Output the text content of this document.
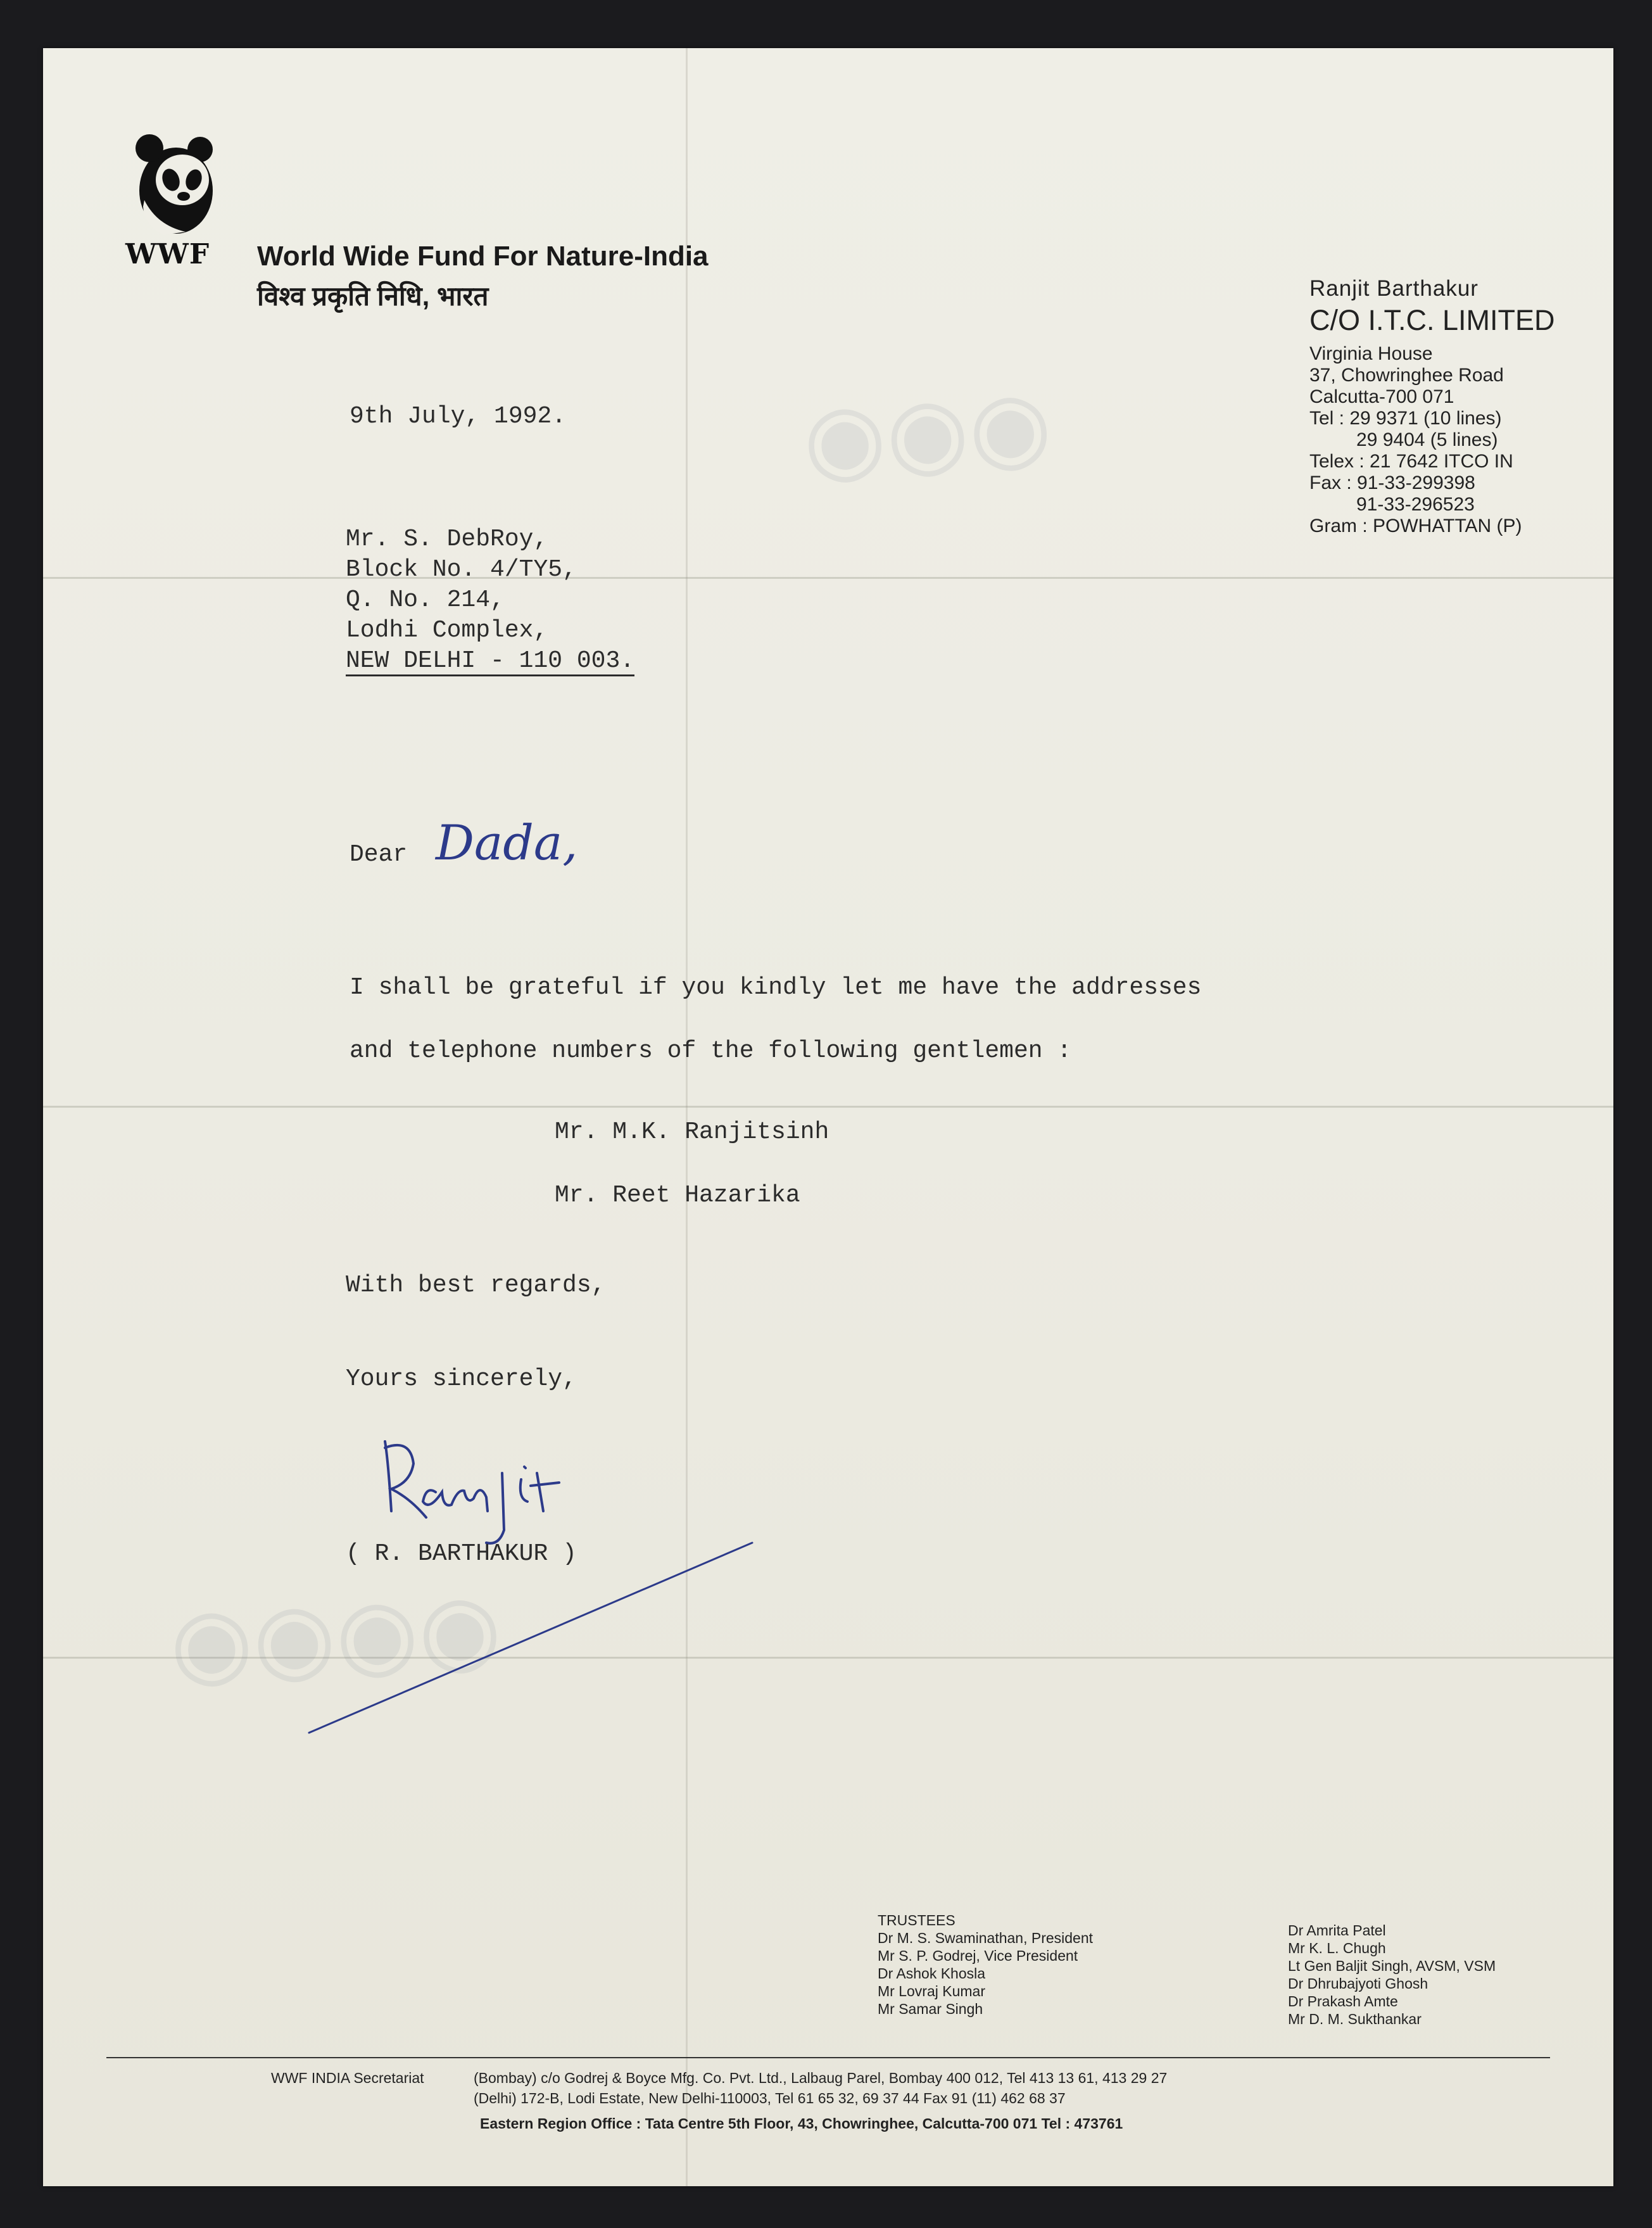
◉◉◉
◉◉◉◉
WWF World Wide Fund For Nature-India
विश्व प्रकृति निधि, भारत	Ranjit Barthakur
C/O I.T.C. LIMITED
Virginia House
37, Chowringhee Road
Calcutta-700 071
Tel : 29 9371 (10 lines)
29 9404 (5 lines)
Telex : 21 7642 ITCO IN
Fax : 91-33-299398
91-33-296523
Gram : POWHATTAN (P)
9th July, 1992.
Mr. S. DebRoy,
Block No. 4/TY5,
Q. No. 214,
Lodhi Complex,
NEW DELHI - 110 003.
Dear Dada,
I shall be grateful if you kindly let me have the addresses
and telephone numbers of the following gentlemen :
Mr. M.K. Ranjitsinh
Mr. Reet Hazarika
With best regards,
Yours sincerely,
( R. BARTHAKUR )
TRUSTEES
Dr M. S. Swaminathan, President
Mr S. P. Godrej, Vice President
Dr Ashok Khosla
Mr Lovraj Kumar
Mr Samar Singh
Dr Amrita Patel
Mr K. L. Chugh
Lt Gen Baljit Singh, AVSM, VSM
Dr Dhrubajyoti Ghosh
Dr Prakash Amte
Mr D. M. Sukthankar
WWF INDIA Secretariat	(Bombay) c/o Godrej & Boyce Mfg. Co. Pvt. Ltd., Lalbaug Parel, Bombay 400 012, Tel 413 13 61, 413 29 27
(Delhi) 172-B, Lodi Estate, New Delhi-110003, Tel 61 65 32, 69 37 44 Fax 91 (11) 462 68 37
Eastern Region Office : Tata Centre 5th Floor, 43, Chowringhee, Calcutta-700 071 Tel : 473761
